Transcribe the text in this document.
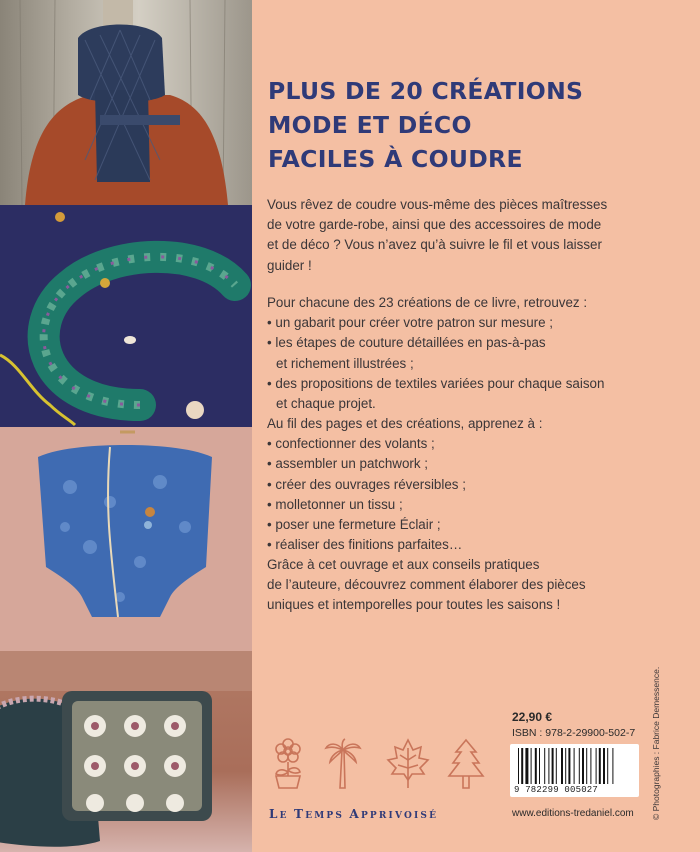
PLUS DE 20 CRÉATIONS
MODE ET DÉCO
FACILES À COUDRE

Vous rêvez de coudre vous-même des pièces maîtresses

de votre garde-robe, ainsi que des accessoires de mode

et de déco ? Vous n’avez qu’à suivre le fil et vous laisser

guider !

Pour chacune des 23 créations de ce livre, retrouvez :

• un gabarit pour créer votre patron sur mesure ;

• les étapes de couture détaillées en pas-à-pas

et richement illustrées ;

• des propositions de textiles variées pour chaque saison

et chaque projet.

Au fil des pages et des créations, apprenez à :

• confectionner des volants ;

• assembler un patchwork ;

• créer des ouvrages réversibles ;

• molletonner un tissu ;

• poser une fermeture Éclair ;

• réaliser des finitions parfaites…

Grâce à cet ouvrage et aux conseils pratiques

de l’auteure, découvrez comment élaborer des pièces

uniques et intemporelles pour toutes les saisons !

LE TEMPS APPRIVOISÉ
22,90 €
ISBN : 978-2-29900-502-7
9 782299 005027
www.editions-tredaniel.com © Photographies : Fabrice Demessence.
